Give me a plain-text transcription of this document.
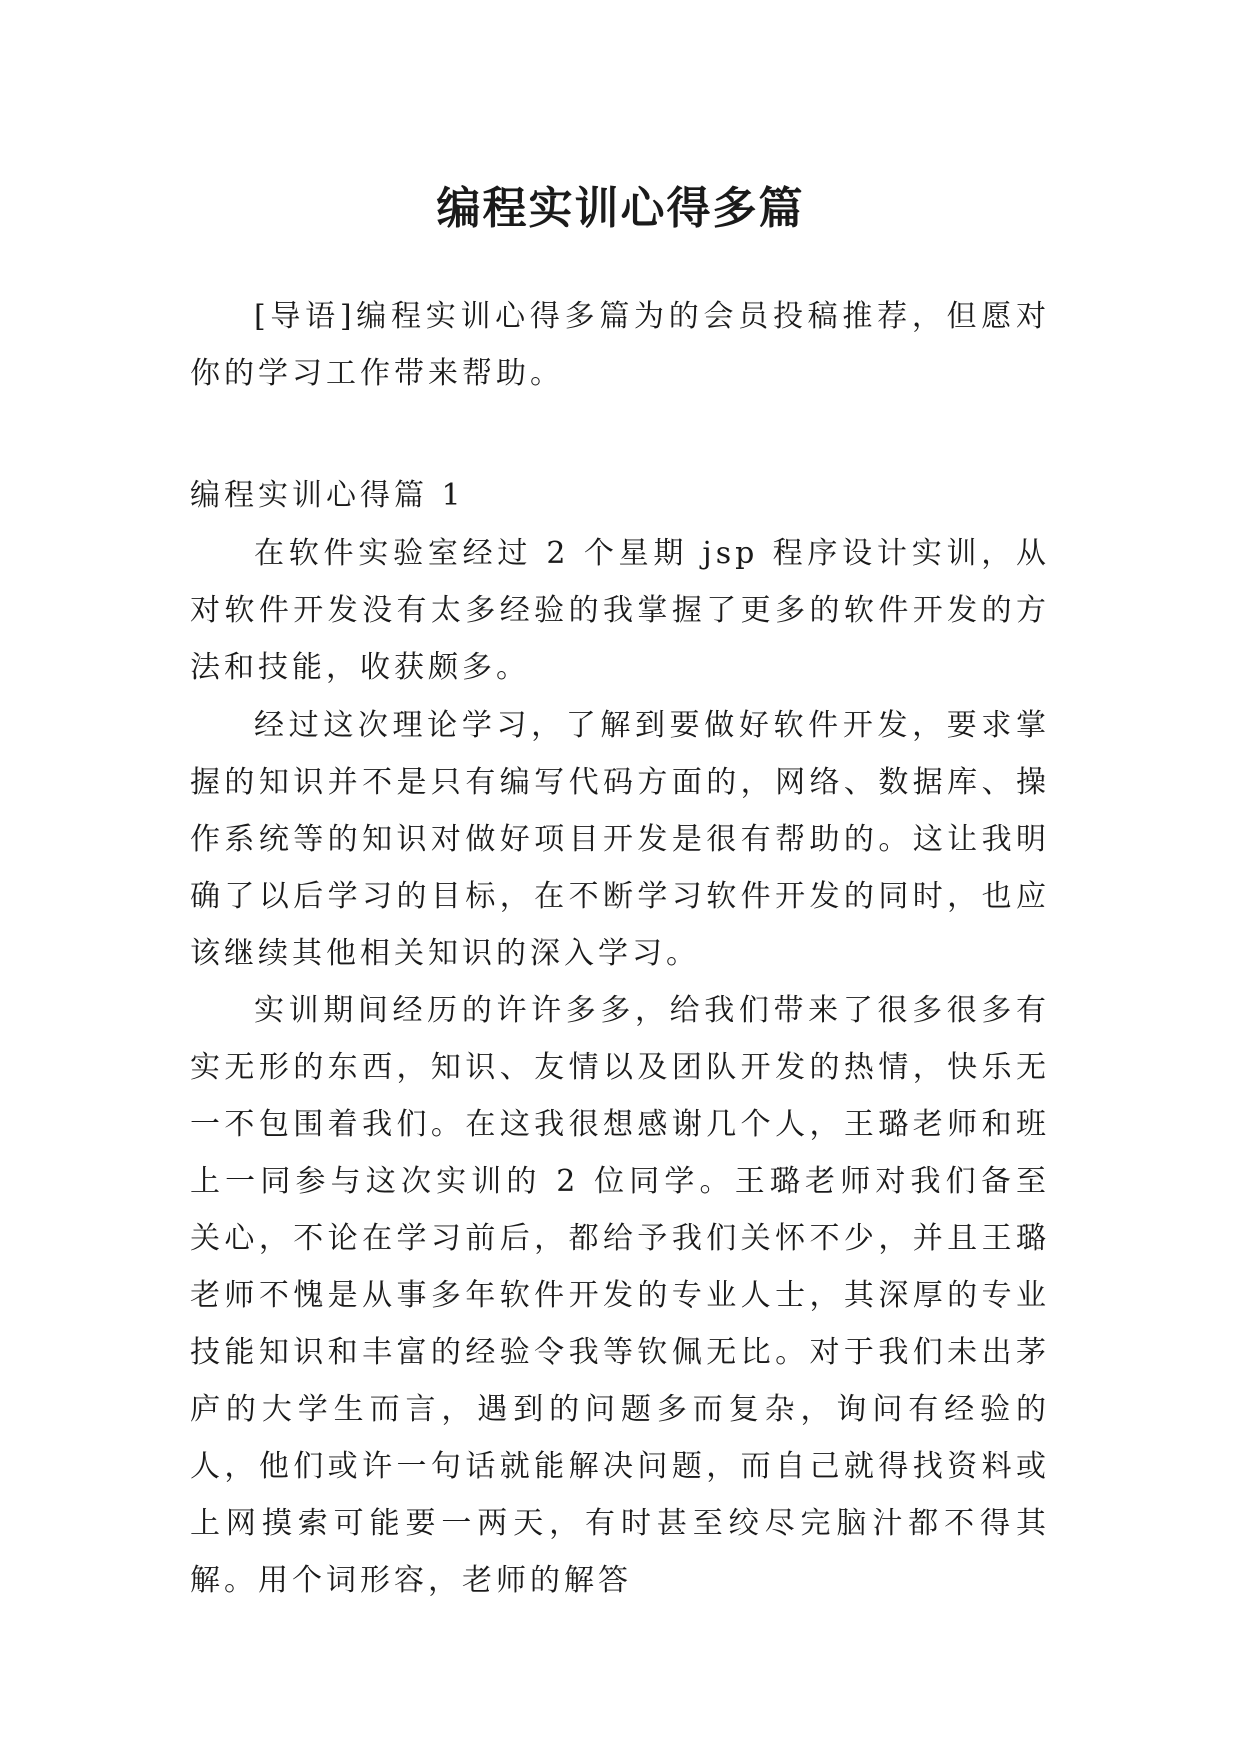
编程实训心得多篇

[导语]编程实训心得多篇为的会员投稿推荐，但愿对你的学习工作带来帮助。

编程实训心得篇 1

在软件实验室经过 2 个星期 jsp 程序设计实训，从对软件开发没有太多经验的我掌握了更多的软件开发的方法和技能，收获颇多。

经过这次理论学习，了解到要做好软件开发，要求掌握的知识并不是只有编写代码方面的，网络、数据库、操作系统等的知识对做好项目开发是很有帮助的。这让我明确了以后学习的目标，在不断学习软件开发的同时，也应该继续其他相关知识的深入学习。

实训期间经历的许许多多，给我们带来了很多很多有实无形的东西，知识、友情以及团队开发的热情，快乐无一不包围着我们。在这我很想感谢几个人，王璐老师和班上一同参与这次实训的 2 位同学。王璐老师对我们备至关心，不论在学习前后，都给予我们关怀不少，并且王璐老师不愧是从事多年软件开发的专业人士，其深厚的专业技能知识和丰富的经验令我等钦佩无比。对于我们未出茅庐的大学生而言，遇到的问题多而复杂，询问有经验的人，他们或许一句话就能解决问题，而自己就得找资料或上网摸索可能要一两天，有时甚至绞尽完脑汁都不得其解。用个词形容，老师的解答
